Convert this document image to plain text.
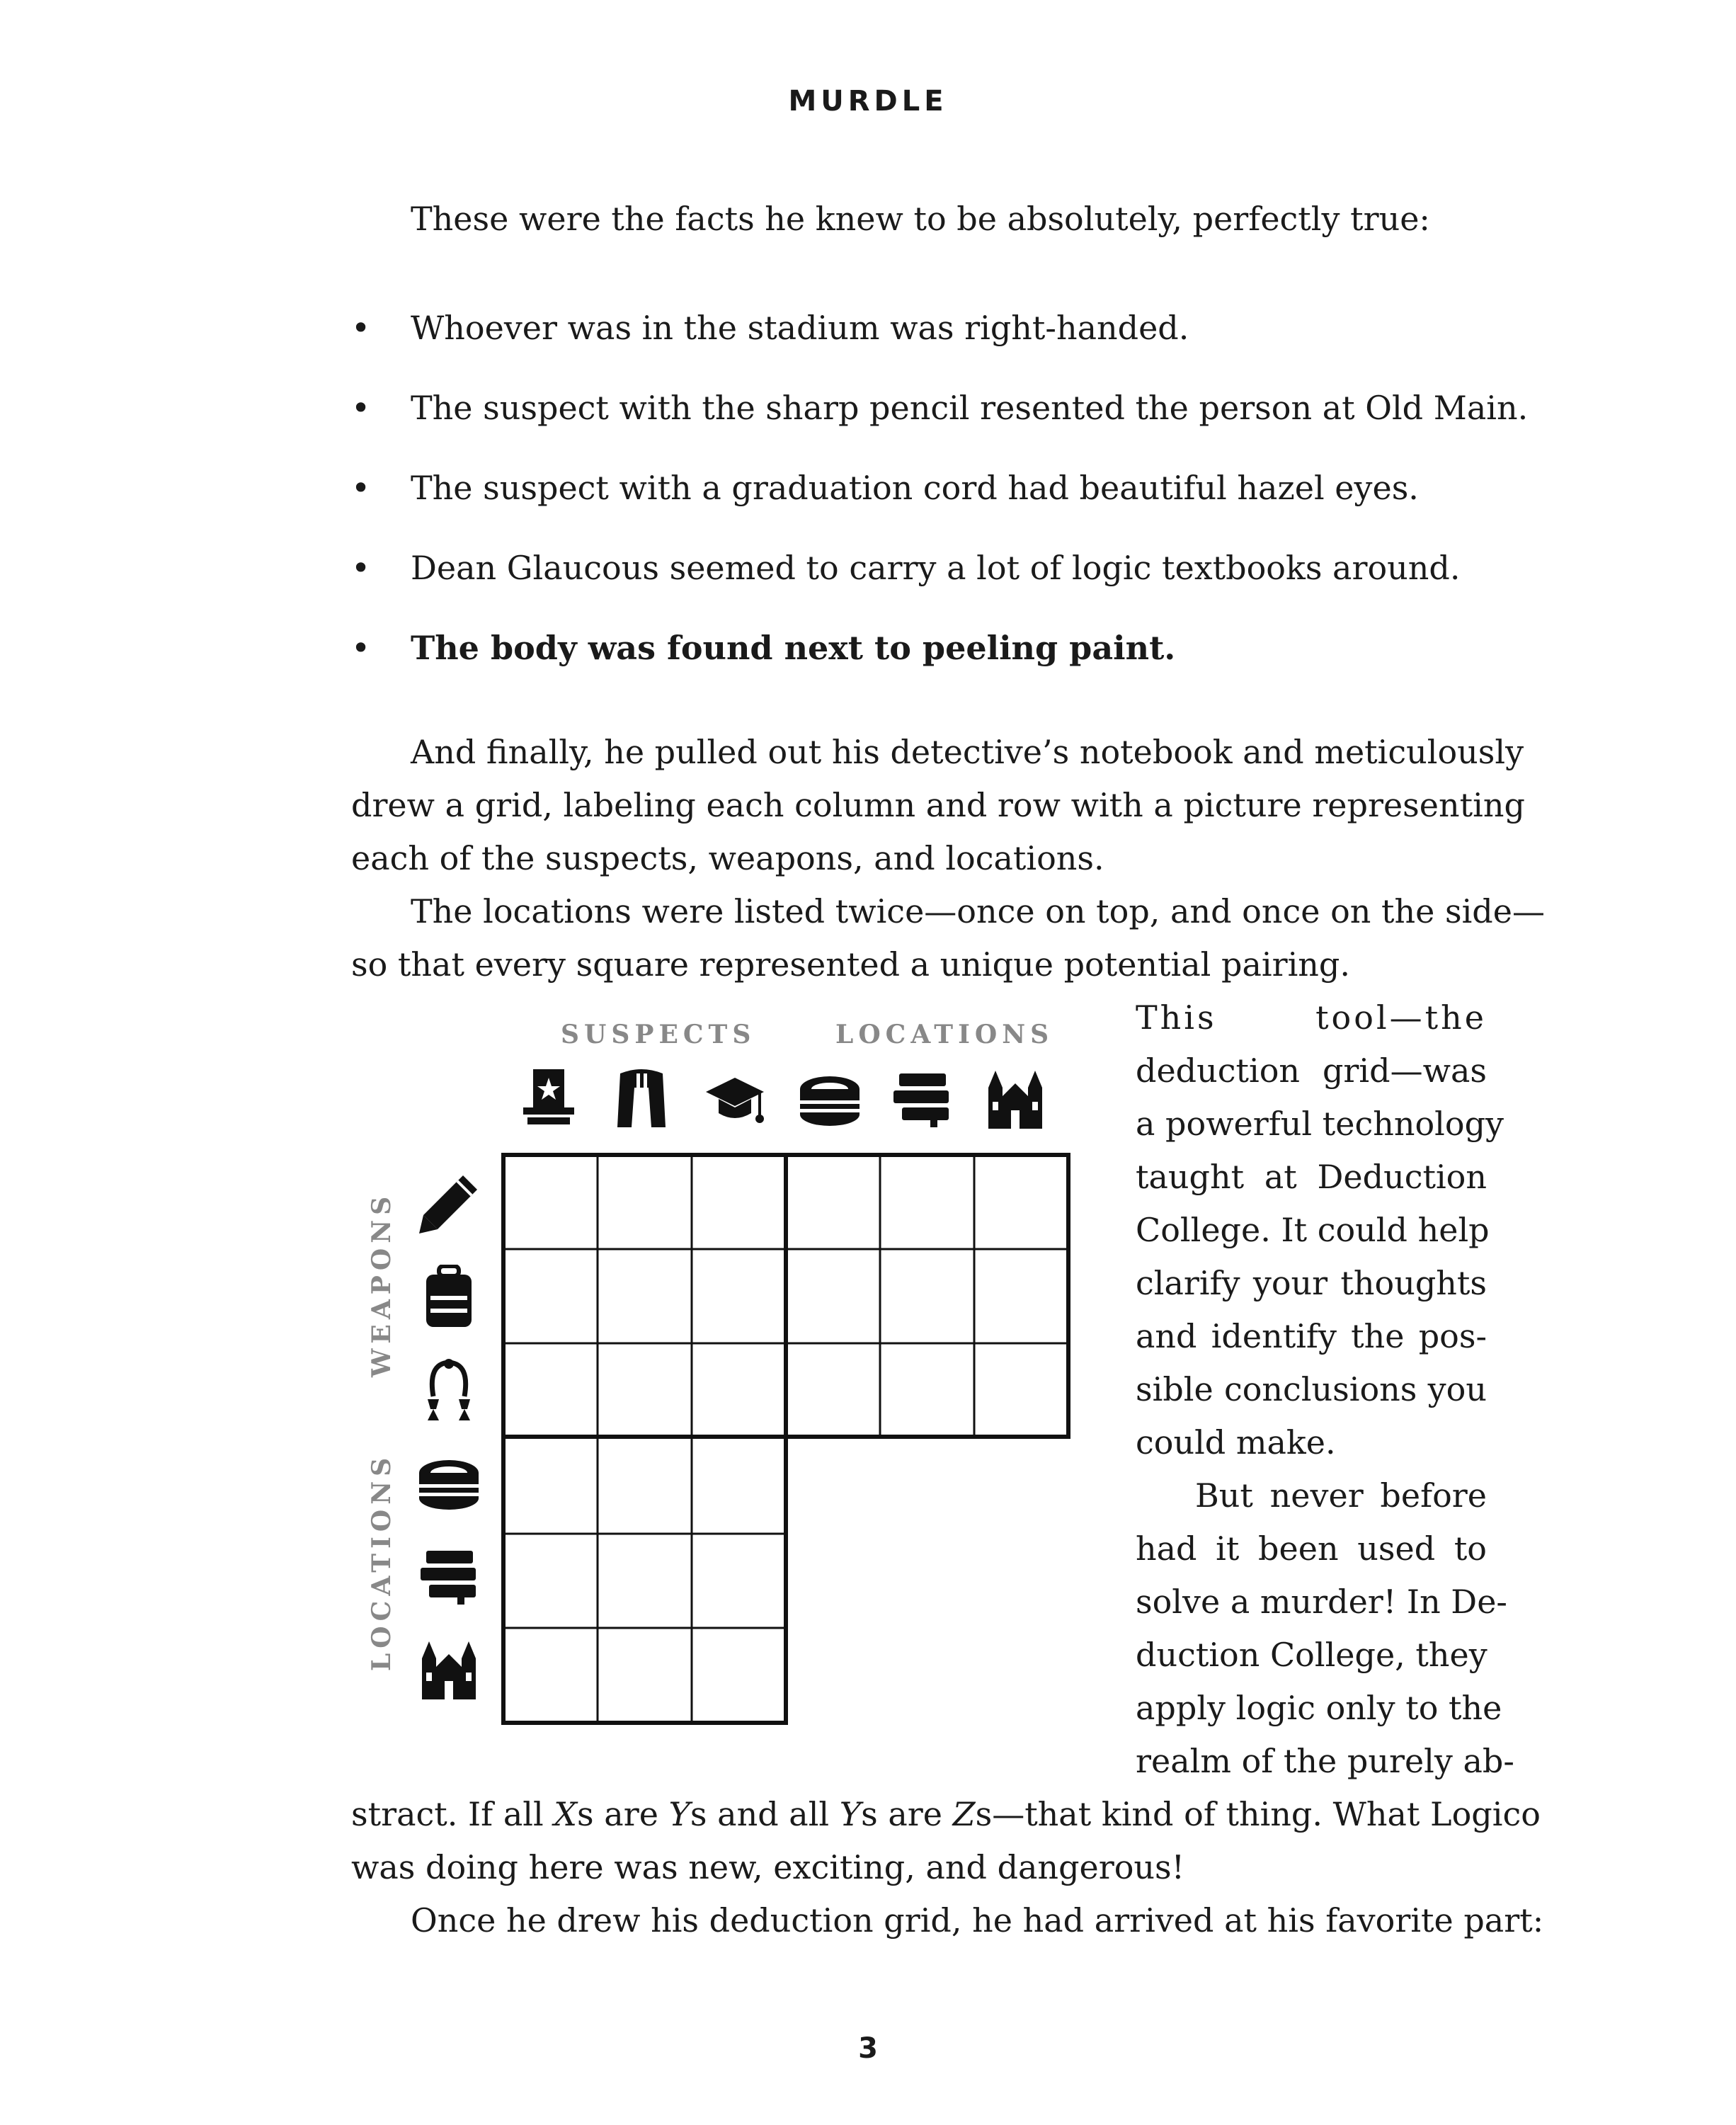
MURDLE
These were the facts he knew to be absolutely, perfectly true:
• Whoever was in the stadium was right-handed.
• The suspect with the sharp pencil resented the person at Old Main.
• The suspect with a graduation cord had beautiful hazel eyes.
• Dean Glaucous seemed to carry a lot of logic textbooks around.
• The body was found next to peeling paint.
And finally, he pulled out his detective’s notebook and meticulously
drew a grid, labeling each column and row with a picture representing
each of the suspects, weapons, and locations.
The locations were listed twice—once on top, and once on the side—
so that every square represented a unique potential pairing.
SUSPECTS	LOCATIONS
WEAPONS
LOCATIONS
This tool—the
deduction grid—was
a powerful technology
taught at Deduction
College. It could help
clarify your thoughts
and identify the pos-
sible conclusions you
could make.
But never before
had it been used to
solve a murder! In De-
duction College, they
apply logic only to the
realm of the purely ab-
stract. If all Xs are Ys and all Ys are Zs—that kind of thing. What Logico
was doing here was new, exciting, and dangerous!
Once he drew his deduction grid, he had arrived at his favorite part:
3
